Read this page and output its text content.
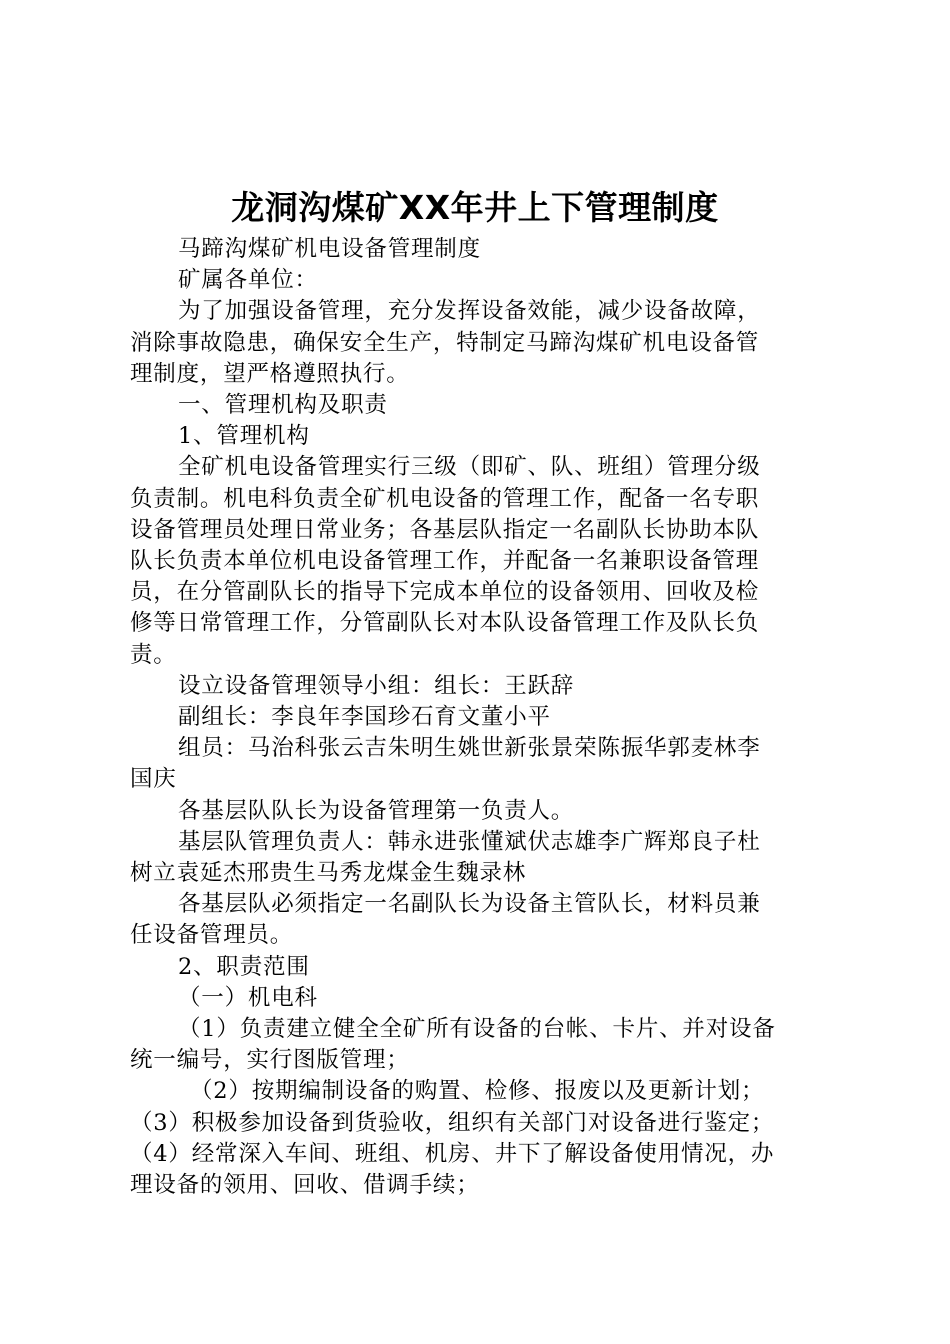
龙洞沟煤矿XX年井上下管理制度

马蹄沟煤矿机电设备管理制度

矿属各单位：

为了加强设备管理，充分发挥设备效能，减少设备故障，

消除事故隐患，确保安全生产，特制定马蹄沟煤矿机电设备管

理制度，望严格遵照执行。

一、管理机构及职责

1、管理机构

全矿机电设备管理实行三级（即矿、队、班组）管理分级

负责制。机电科负责全矿机电设备的管理工作，配备一名专职

设备管理员处理日常业务；各基层队指定一名副队长协助本队

队长负责本单位机电设备管理工作，并配备一名兼职设备管理

员，在分管副队长的指导下完成本单位的设备领用、回收及检

修等日常管理工作，分管副队长对本队设备管理工作及队长负

责。

设立设备管理领导小组：组长：王跃辞

副组长：李良年李国珍石育文董小平

组员：马治科张云吉朱明生姚世新张景荣陈振华郭麦林李

国庆

各基层队队长为设备管理第一负责人。

基层队管理负责人：韩永进张懂斌伏志雄李广辉郑良子杜

树立袁延杰邢贵生马秀龙煤金生魏录林

各基层队必须指定一名副队长为设备主管队长，材料员兼

任设备管理员。

2、职责范围

（一）机电科

（1）负责建立健全全矿所有设备的台帐、卡片、并对设备

统一编号，实行图版管理；

（2）按期编制设备的购置、检修、报废以及更新计划；

（3）积极参加设备到货验收，组织有关部门对设备进行鉴定；

（4）经常深入车间、班组、机房、井下了解设备使用情况，办

理设备的领用、回收、借调手续；
